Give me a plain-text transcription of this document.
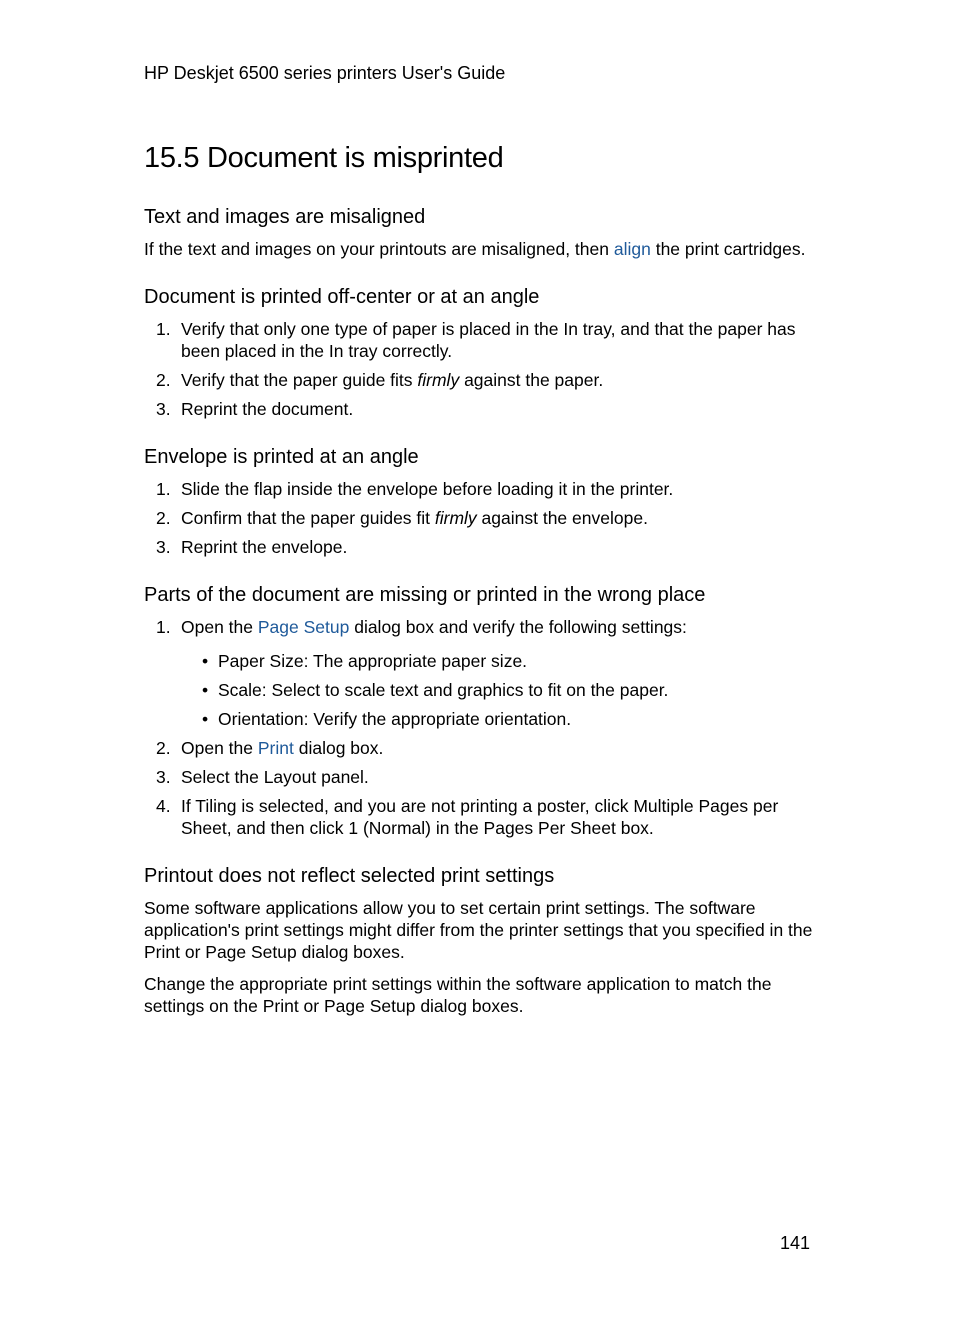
HP Deskjet 6500 series printers User's Guide
15.5 Document is misprinted
Text and images are misaligned

If the text and images on your printouts are misaligned, then align the print cartridges.

Document is printed off-center or at an angle
1. Verify that only one type of paper is placed in the In tray, and that the paper has been placed in the In tray correctly.
2. Verify that the paper guide fits firmly against the paper.
3. Reprint the document.
Envelope is printed at an angle
1. Slide the flap inside the envelope before loading it in the printer.
2. Confirm that the paper guides fit firmly against the envelope.
3. Reprint the envelope.
Parts of the document are missing or printed in the wrong place
1. Open the Page Setup dialog box and verify the following settings:
• Paper Size: The appropriate paper size.
• Scale: Select to scale text and graphics to fit on the paper.
• Orientation: Verify the appropriate orientation.
2. Open the Print dialog box.
3. Select the Layout panel.
4. If Tiling is selected, and you are not printing a poster, click Multiple Pages per Sheet, and then click 1 (Normal) in the Pages Per Sheet box.
Printout does not reflect selected print settings

Some software applications allow you to set certain print settings. The software application's print settings might differ from the printer settings that you specified in the Print or Page Setup dialog boxes.

Change the appropriate print settings within the software application to match the settings on the Print or Page Setup dialog boxes.

141
